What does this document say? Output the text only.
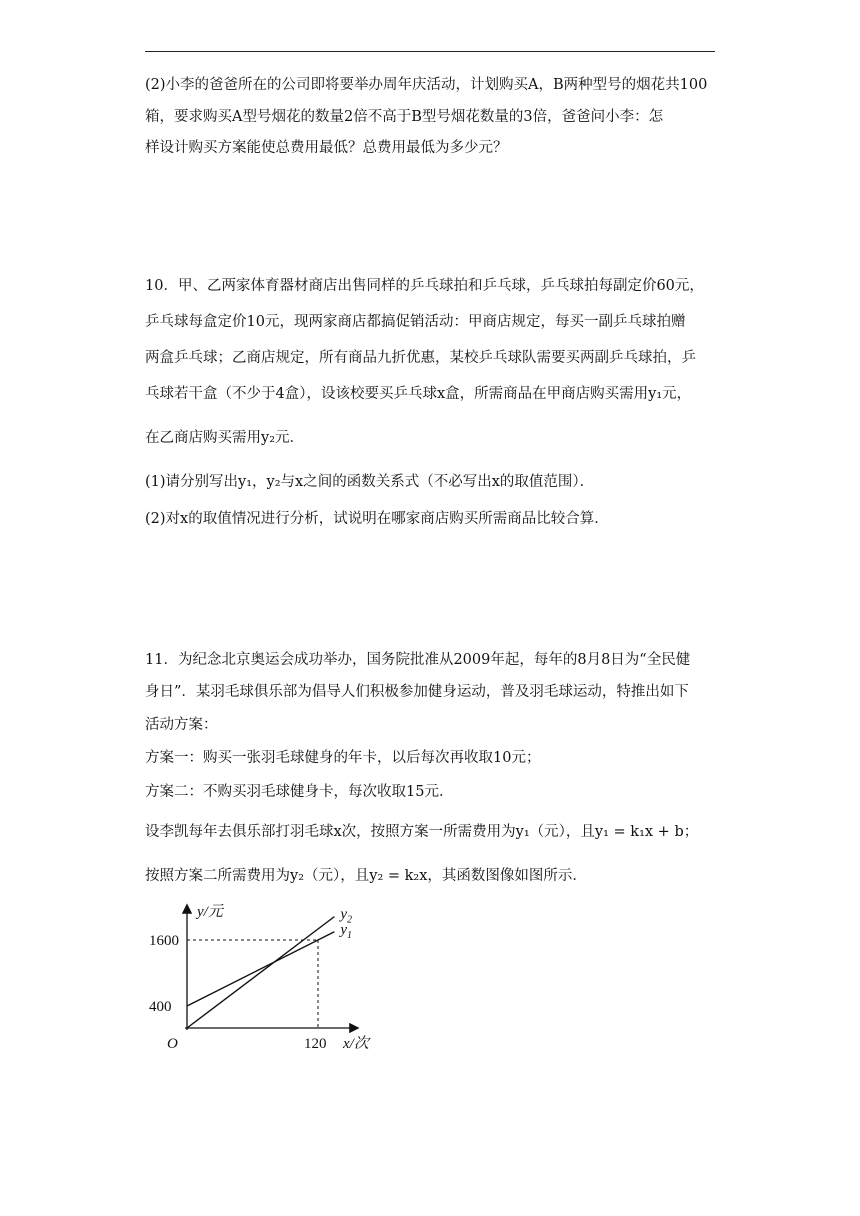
(2)小李的爸爸所在的公司即将要举办周年庆活动，计划购买A，B两种型号的烟花共100
箱，要求购买A型号烟花的数量2倍不高于B型号烟花数量的3倍，爸爸问小李：怎
样设计购买方案能使总费用最低？总费用最低为多少元？
10．甲、乙两家体育器材商店出售同样的乒乓球拍和乒乓球，乒乓球拍每副定价60元，
乒乓球每盒定价10元，现两家商店都搞促销活动：甲商店规定，每买一副乒乓球拍赠
两盒乒乓球；乙商店规定，所有商品九折优惠，某校乒乓球队需要买两副乒乓球拍，乒
乓球若干盒（不少于4盒），设该校要买乒乓球x盒，所需商品在甲商店购买需用y₁元，
在乙商店购买需用y₂元．
(1)请分别写出y₁，y₂与x之间的函数关系式（不必写出x的取值范围）．
(2)对x的取值情况进行分析，试说明在哪家商店购买所需商品比较合算．
11．为纪念北京奥运会成功举办，国务院批准从2009年起，每年的8月8日为“全民健
身日”．某羽毛球俱乐部为倡导人们积极参加健身运动，普及羽毛球运动，特推出如下
活动方案：
方案一：购买一张羽毛球健身的年卡，以后每次再收取10元；
方案二：不购买羽毛球健身卡，每次收取15元．
设李凯每年去俱乐部打羽毛球x次，按照方案一所需费用为y₁（元），且y₁ = k₁x + b；
按照方案二所需费用为y₂（元），且y₂ = k₂x，其函数图像如图所示．
400
1600
120
O
y/元
x/次
$y_1$
$y_2$
